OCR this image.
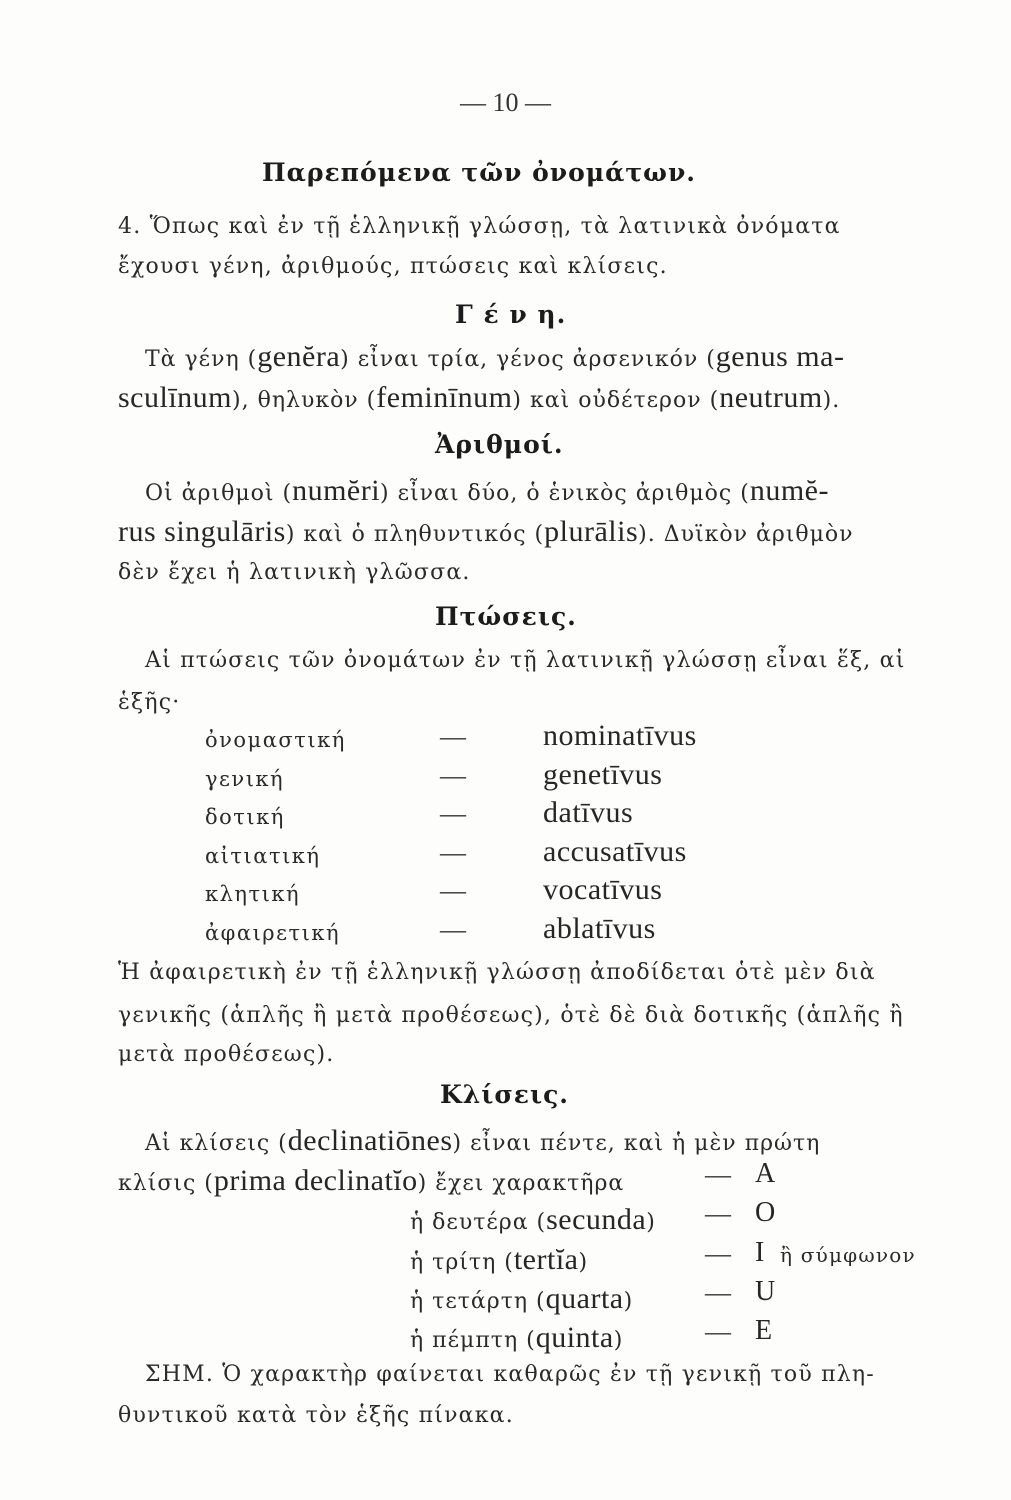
— 10 —
Παρεπόμενα τῶν ὀνομάτων.
4. Ὅπως καὶ ἐν τῇ ἑλληνικῇ γλώσσῃ, τὰ λατινικὰ ὀνόματα
ἔχουσι γένη, ἀριθμούς, πτώσεις καὶ κλίσεις.
Γ έ ν η.
Τὰ γένη (genĕra) εἶναι τρία, γένος ἀρσενικόν (genus ma-
sculīnum), θηλυκὸν (feminīnum) καὶ οὐδέτερον (neutrum).
Ἀριθμοί.
Οἱ ἀριθμοὶ (numĕri) εἶναι δύο, ὁ ἑνικὸς ἀριθμὸς (numĕ-
rus singulāris) καὶ ὁ πληθυντικός (plurālis). Δυϊκὸν ἀριθμὸν
δὲν ἔχει ἡ λατινικὴ γλῶσσα.
Πτώσεις.
Αἱ πτώσεις τῶν ὀνομάτων ἐν τῇ λατινικῇ γλώσσῃ εἶναι ἕξ, αἱ
ἑξῆς·
ὀνομαστική	—	nominatīvus
γενική	—	genetīvus
δοτική	—	datīvus
αἰτιατική	—	accusatīvus
κλητική	—	vocatīvus
ἀφαιρετική	—	ablatīvus
Ἡ ἀφαιρετικὴ ἐν τῇ ἑλληνικῇ γλώσσῃ ἀποδίδεται ὁτὲ μὲν διὰ
γενικῆς (ἁπλῆς ἢ μετὰ προθέσεως), ὁτὲ δὲ διὰ δοτικῆς (ἁπλῆς ἢ
μετὰ προθέσεως).
Κλίσεις.
Αἱ κλίσεις (declinatiōnes) εἶναι πέντε, καὶ ἡ μὲν πρώτη
κλίσις (prima declinatĭo) ἔχει χαρακτῆρα	— A
ἡ δευτέρα (secunda) — O
ἡ τρίτη (tertĭa)	— I ἢ σύμφωνον
ἡ τετάρτη (quarta)	— U
ἡ πέμπτη (quinta)	— E
ΣΗΜ. Ὁ χαρακτὴρ φαίνεται καθαρῶς ἐν τῇ γενικῇ τοῦ πλη-
θυντικοῦ κατὰ τὸν ἑξῆς πίνακα.
